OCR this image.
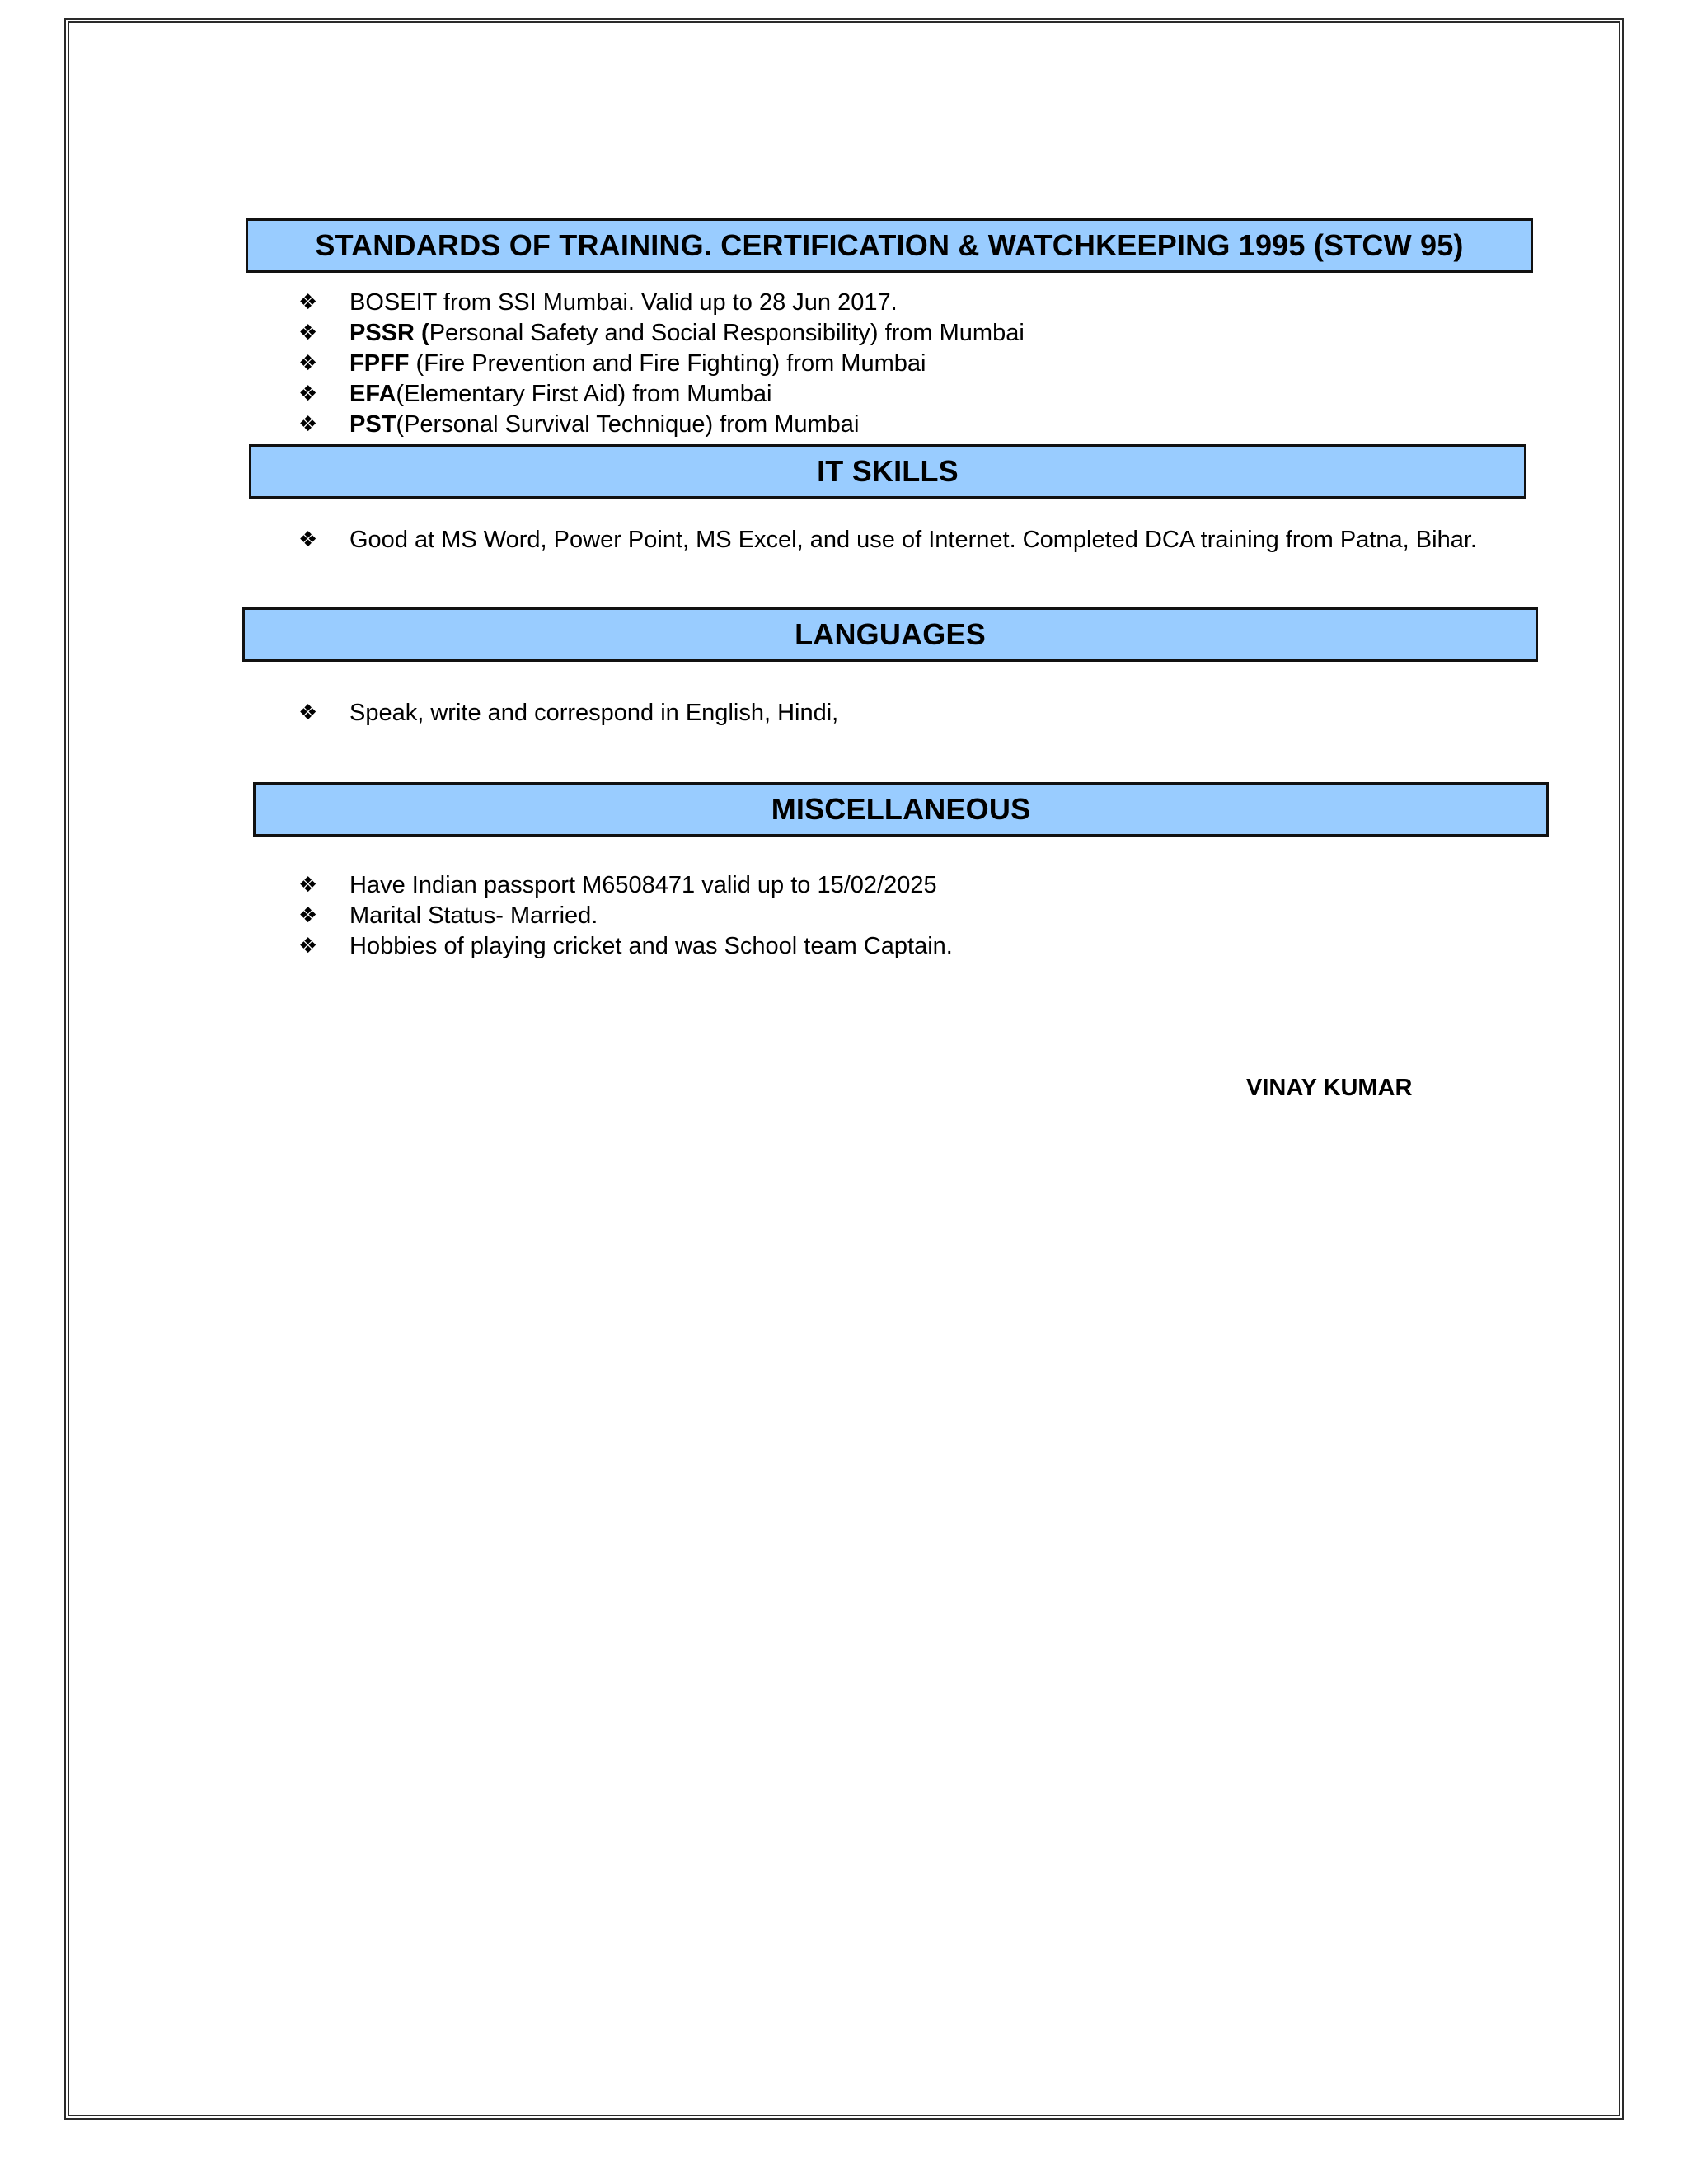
STANDARDS OF TRAINING. CERTIFICATION & WATCHKEEPING 1995 (STCW 95)
❖ BOSEIT from SSI Mumbai. Valid up to 28 Jun 2017.
❖ PSSR (Personal Safety and Social Responsibility) from Mumbai
❖ FPFF (Fire Prevention and Fire Fighting) from Mumbai
❖ EFA(Elementary First Aid) from Mumbai
❖ PST(Personal Survival Technique) from Mumbai
IT SKILLS
❖ Good at MS Word, Power Point, MS Excel, and use of Internet. Completed DCA training from Patna, Bihar.
LANGUAGES
❖ Speak, write and correspond in English, Hindi,
MISCELLANEOUS
❖ Have Indian passport M6508471 valid up to 15/02/2025
❖ Marital Status- Married.
❖ Hobbies of playing cricket and was School team Captain.
VINAY KUMAR
